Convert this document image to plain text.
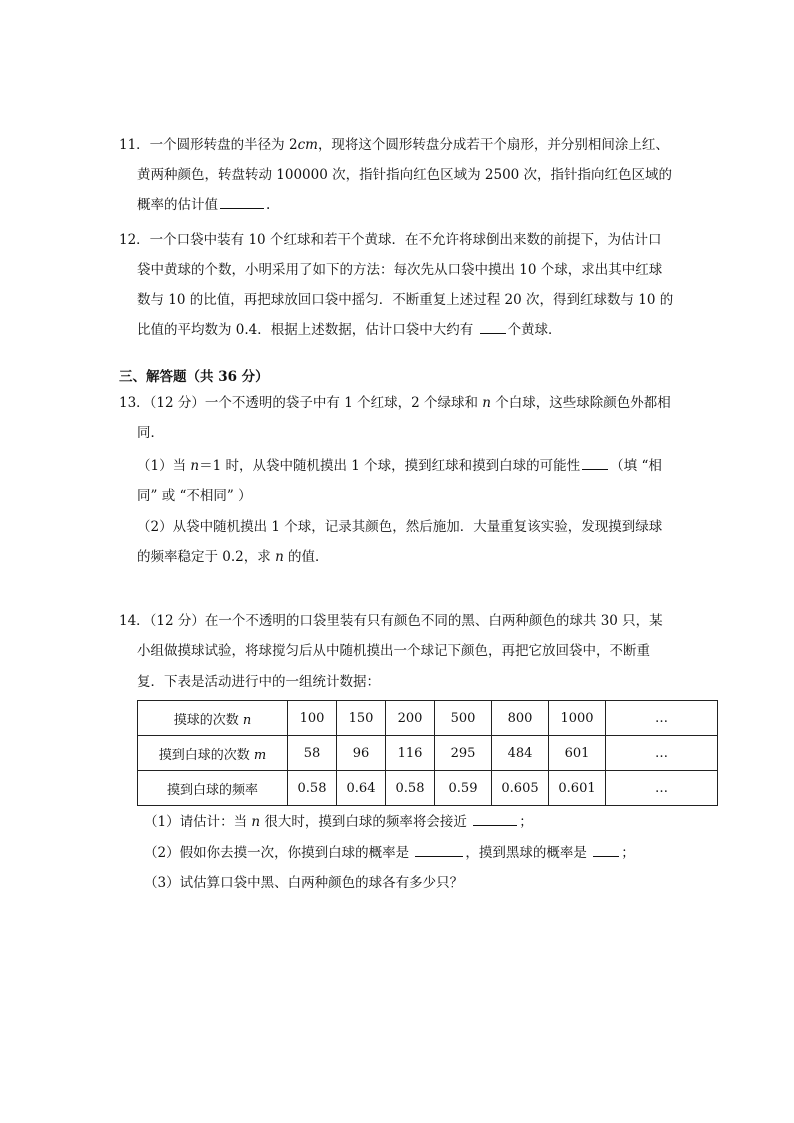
11．一个圆形转盘的半径为 2cm，现将这个圆形转盘分成若干个扇形，并分别相间涂上红、
黄两种颜色，转盘转动 100000 次，指针指向红色区域为 2500 次，指针指向红色区域的
概率的估计值	.
12．一个口袋中装有 10 个红球和若干个黄球．在不允许将球倒出来数的前提下，为估计口
袋中黄球的个数，小明采用了如下的方法：每次先从口袋中摸出 10 个球，求出其中红球
数与 10 的比值，再把球放回口袋中摇匀．不断重复上述过程 20 次，得到红球数与 10 的
比值的平均数为 0.4．根据上述数据，估计口袋中大约有 个黄球．
三、解答题（共 36 分）
13．（12 分）一个不透明的袋子中有 1 个红球，2 个绿球和 n 个白球，这些球除颜色外都相
同．
（1）当 n＝1 时，从袋中随机摸出 1 个球，摸到红球和摸到白球的可能性 （填 “相
同” 或 “不相同” ）
（2）从袋中随机摸出 1 个球，记录其颜色，然后施加．大量重复该实验，发现摸到绿球
的频率稳定于 0.2，求 n 的值．
14．（12 分）在一个不透明的口袋里装有只有颜色不同的黑、白两种颜色的球共 30 只，某
小组做摸球试验，将球搅匀后从中随机摸出一个球记下颜色，再把它放回袋中，不断重
复．下表是活动进行中的一组统计数据：
摸球的次数 n	100	150	200	500	800	1000	…
摸到白球的次数 m	58	96	116	295	484	601	…
摸到白球的频率	0.58	0.64	0.58	0.59	0.605	0.601	…
（1）请估计：当 n 很大时，摸到白球的频率将会接近	；
（2）假如你去摸一次，你摸到白球的概率是	，摸到黑球的概率是 ；
（3）试估算口袋中黑、白两种颜色的球各有多少只？
